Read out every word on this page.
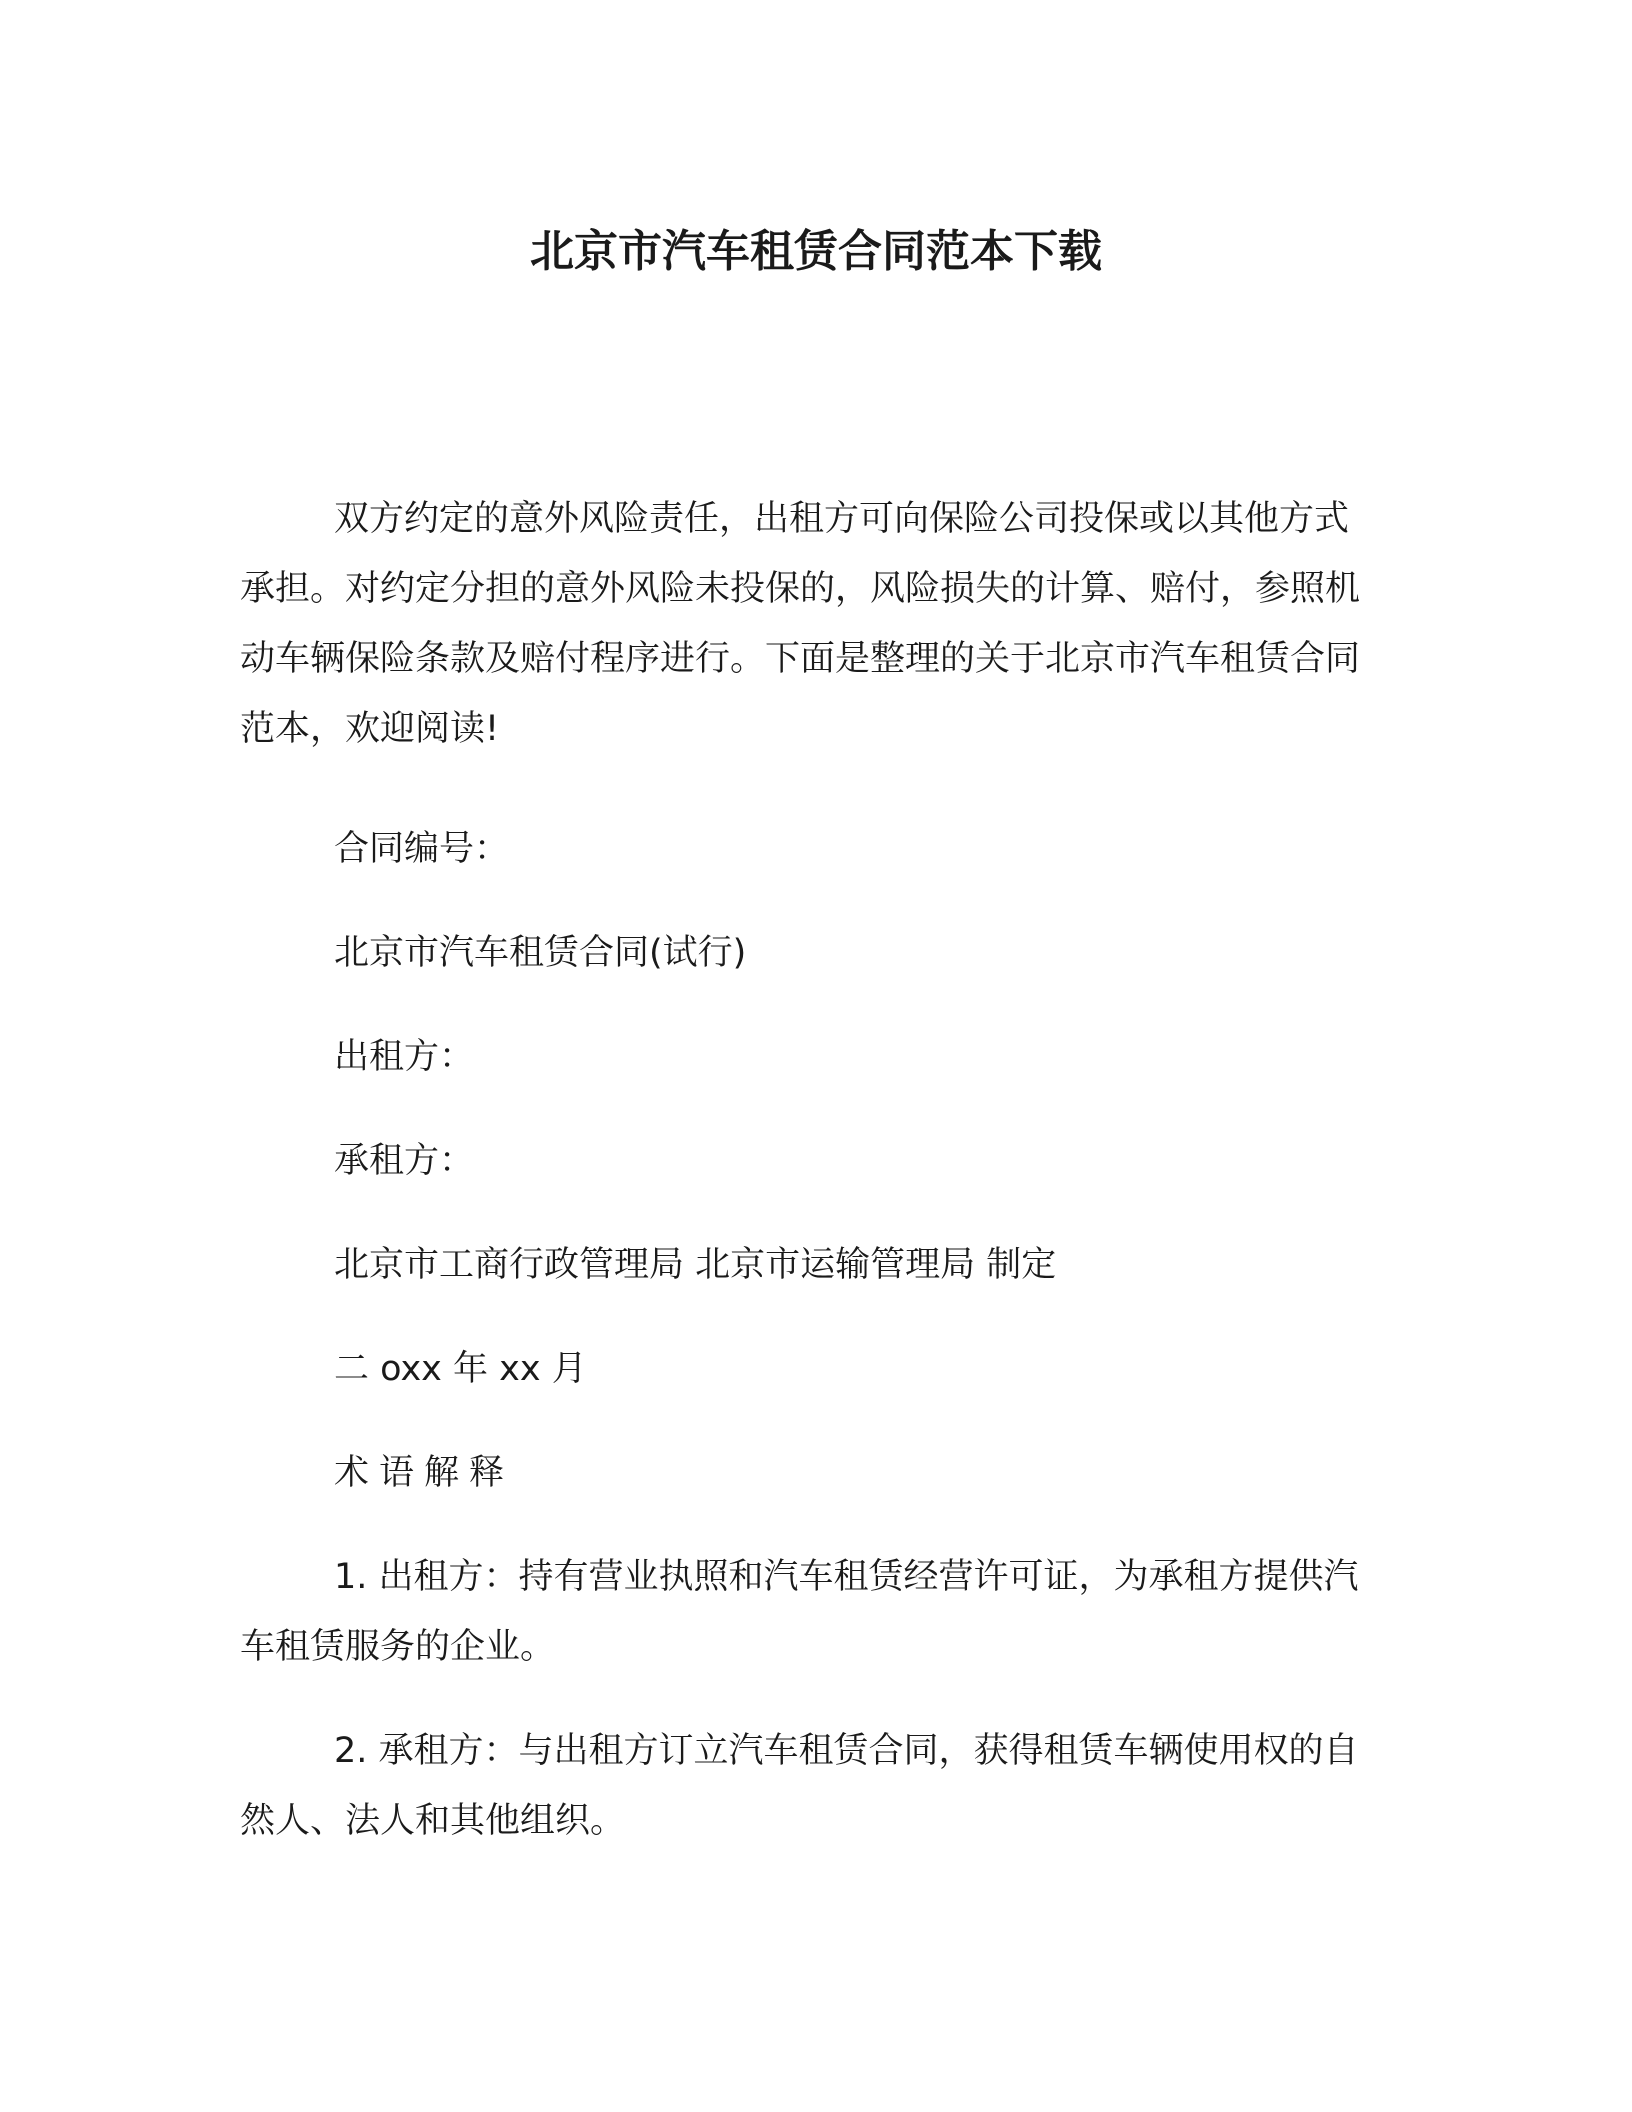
北京市汽车租赁合同范本下载

双方约定的意外风险责任，出租方可向保险公司投保或以其他方式承担。对约定分担的意外风险未投保的，风险损失的计算、赔付，参照机动车辆保险条款及赔付程序进行。下面是整理的关于北京市汽车租赁合同范本，欢迎阅读!

合同编号：

北京市汽车租赁合同(试行)

出租方：

承租方：

北京市工商行政管理局 北京市运输管理局 制定

二 oxx 年 xx 月

术语解释

1. 出租方：持有营业执照和汽车租赁经营许可证，为承租方提供汽车租赁服务的企业。

2. 承租方：与出租方订立汽车租赁合同，获得租赁车辆使用权的自然人、法人和其他组织。
